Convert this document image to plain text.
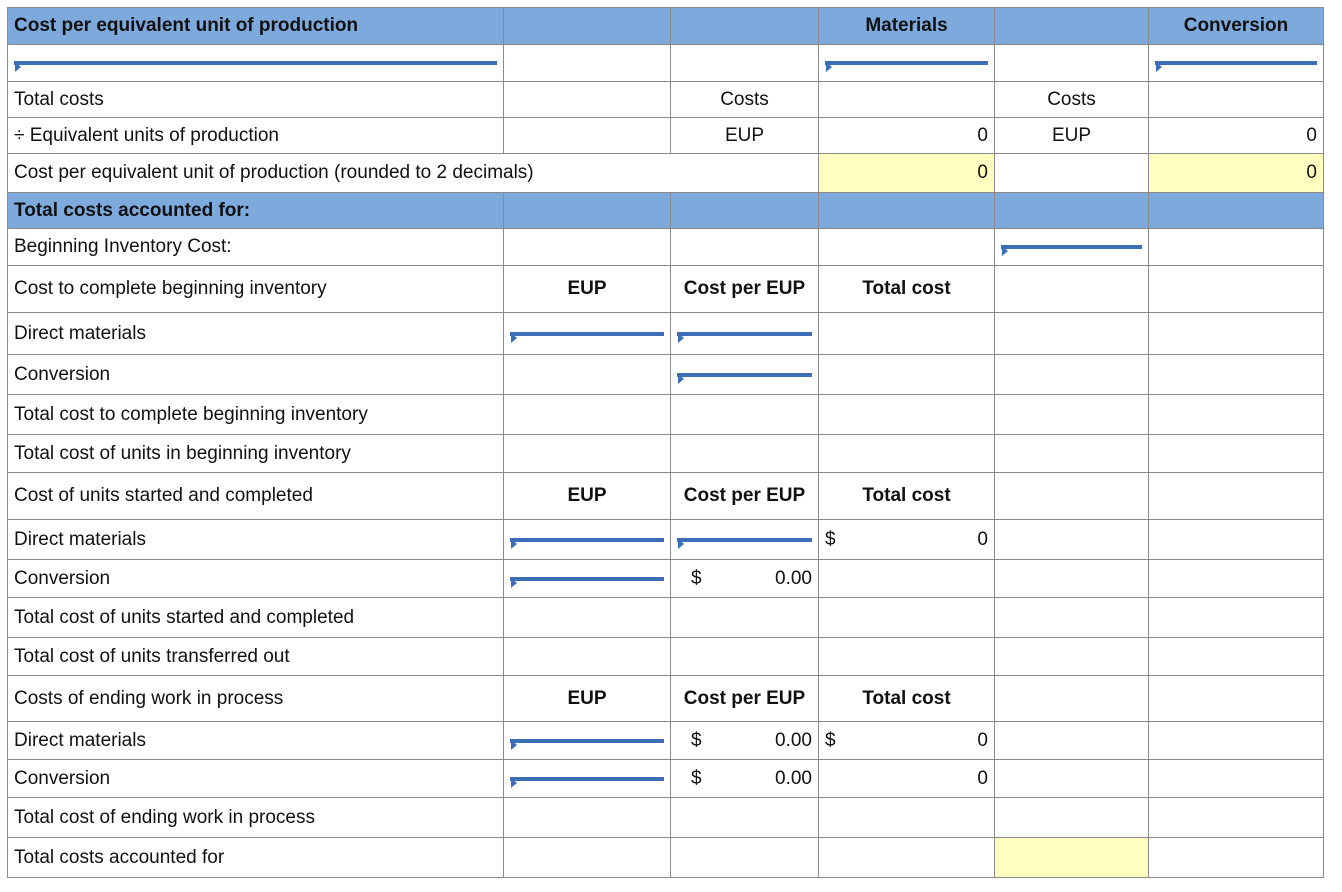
Cost per equivalent unit of production			Materials		Conversion

Total costs		Costs		Costs	
÷ Equivalent units of production		EUP	0	EUP	0
Cost per equivalent unit of production (rounded to 2 decimals)			0		0
Total costs accounted for:					
Beginning Inventory Cost:				

Cost to complete beginning inventory	EUP	Cost per EUP	Total cost		
Direct materials	

Conversion		

Total cost to complete beginning inventory					
Total cost of units in beginning inventory					
Cost of units started and completed	EUP	Cost per EUP	Total cost		
Direct materials			$ 0		

Conversion		$ 0.00			

Total cost of units started and completed					
Total cost of units transferred out					
Costs of ending work in process	EUP	Cost per EUP	Total cost		
Direct materials		$ 0.00	$ 0		

Conversion		$ 0.00	0		
Total cost of ending work in process					
Total costs accounted for					
